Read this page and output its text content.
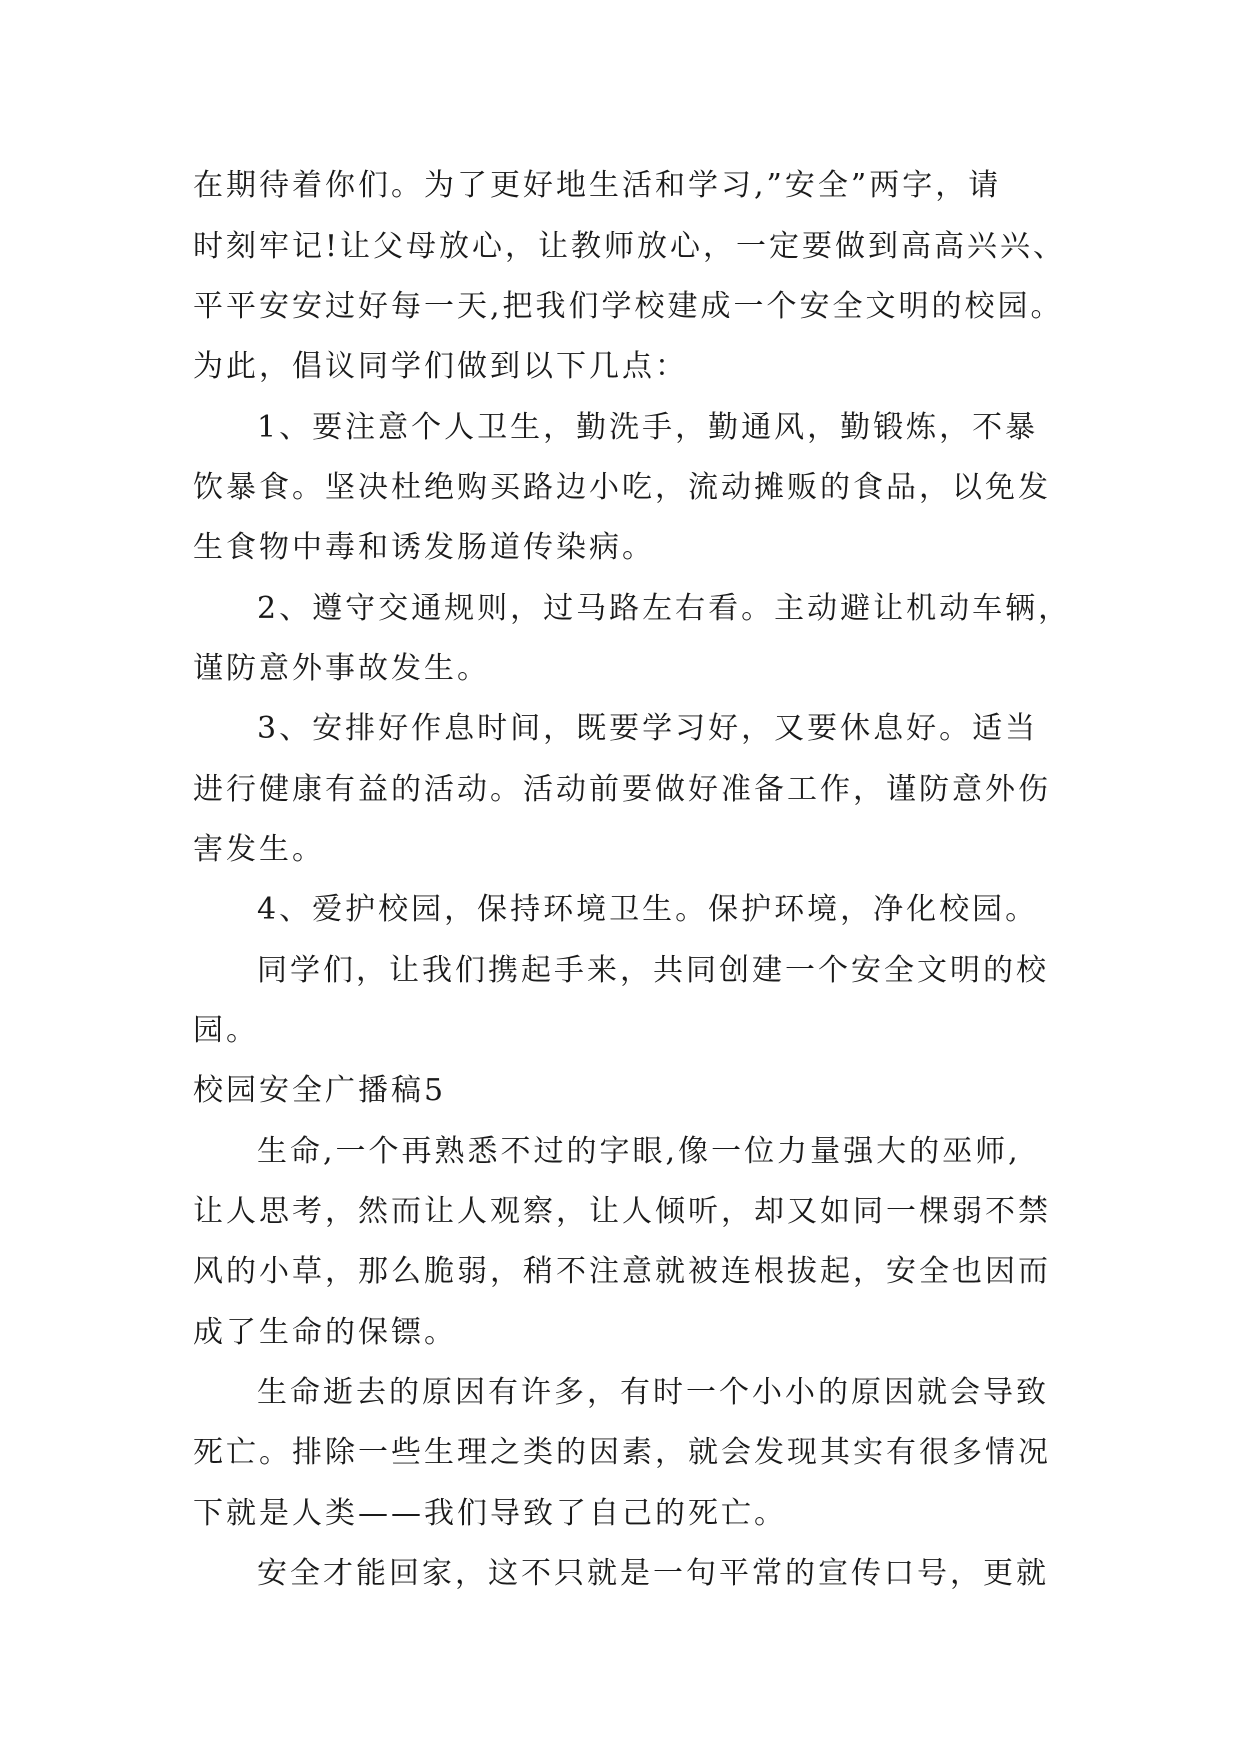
在期待着你们。为了更好地生活和学习,”安全”两字，请
时刻牢记!让父母放心，让教师放心，一定要做到高高兴兴、
平平安安过好每一天,把我们学校建成一个安全文明的校园。
为此，倡议同学们做到以下几点：
1、要注意个人卫生，勤洗手，勤通风，勤锻炼，不暴
饮暴食。坚决杜绝购买路边小吃，流动摊贩的食品，以免发
生食物中毒和诱发肠道传染病。
2、遵守交通规则，过马路左右看。主动避让机动车辆，
谨防意外事故发生。
3、安排好作息时间，既要学习好，又要休息好。适当
进行健康有益的活动。活动前要做好准备工作，谨防意外伤
害发生。
4、爱护校园，保持环境卫生。保护环境，净化校园。
同学们，让我们携起手来，共同创建一个安全文明的校
园。
校园安全广播稿5
生命,一个再熟悉不过的字眼,像一位力量强大的巫师,
让人思考，然而让人观察，让人倾听，却又如同一棵弱不禁
风的小草，那么脆弱，稍不注意就被连根拔起，安全也因而
成了生命的保镖。
生命逝去的原因有许多，有时一个小小的原因就会导致
死亡。排除一些生理之类的因素，就会发现其实有很多情况
下就是人类——我们导致了自己的死亡。
安全才能回家，这不只就是一句平常的宣传口号，更就
